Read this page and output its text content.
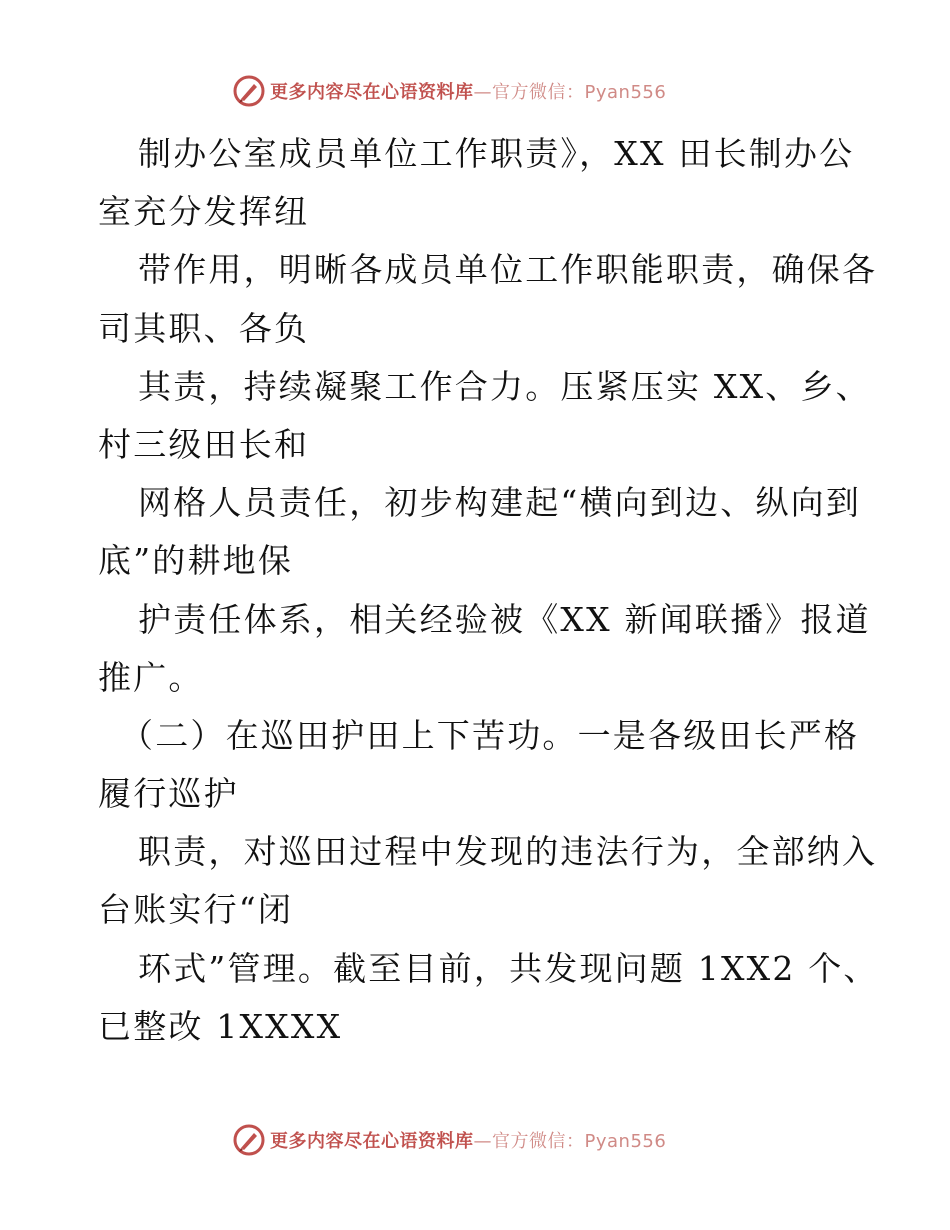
更多内容尽在心语资料库—官方微信：Pyan556
制办公室成员单位工作职责》，XX 田长制办公
室充分发挥纽
带作用，明晰各成员单位工作职能职责，确保各
司其职、各负
其责，持续凝聚工作合力。压紧压实 XX、乡、
村三级田长和
网格人员责任，初步构建起“横向到边、纵向到
底”的耕地保
护责任体系，相关经验被《XX 新闻联播》报道
推广。
（二）在巡田护田上下苦功。一是各级田长严格
履行巡护
职责，对巡田过程中发现的违法行为，全部纳入
台账实行“闭
环式”管理。截至目前，共发现问题 1XX2 个、
已整改 1XXXX
更多内容尽在心语资料库—官方微信：Pyan556
